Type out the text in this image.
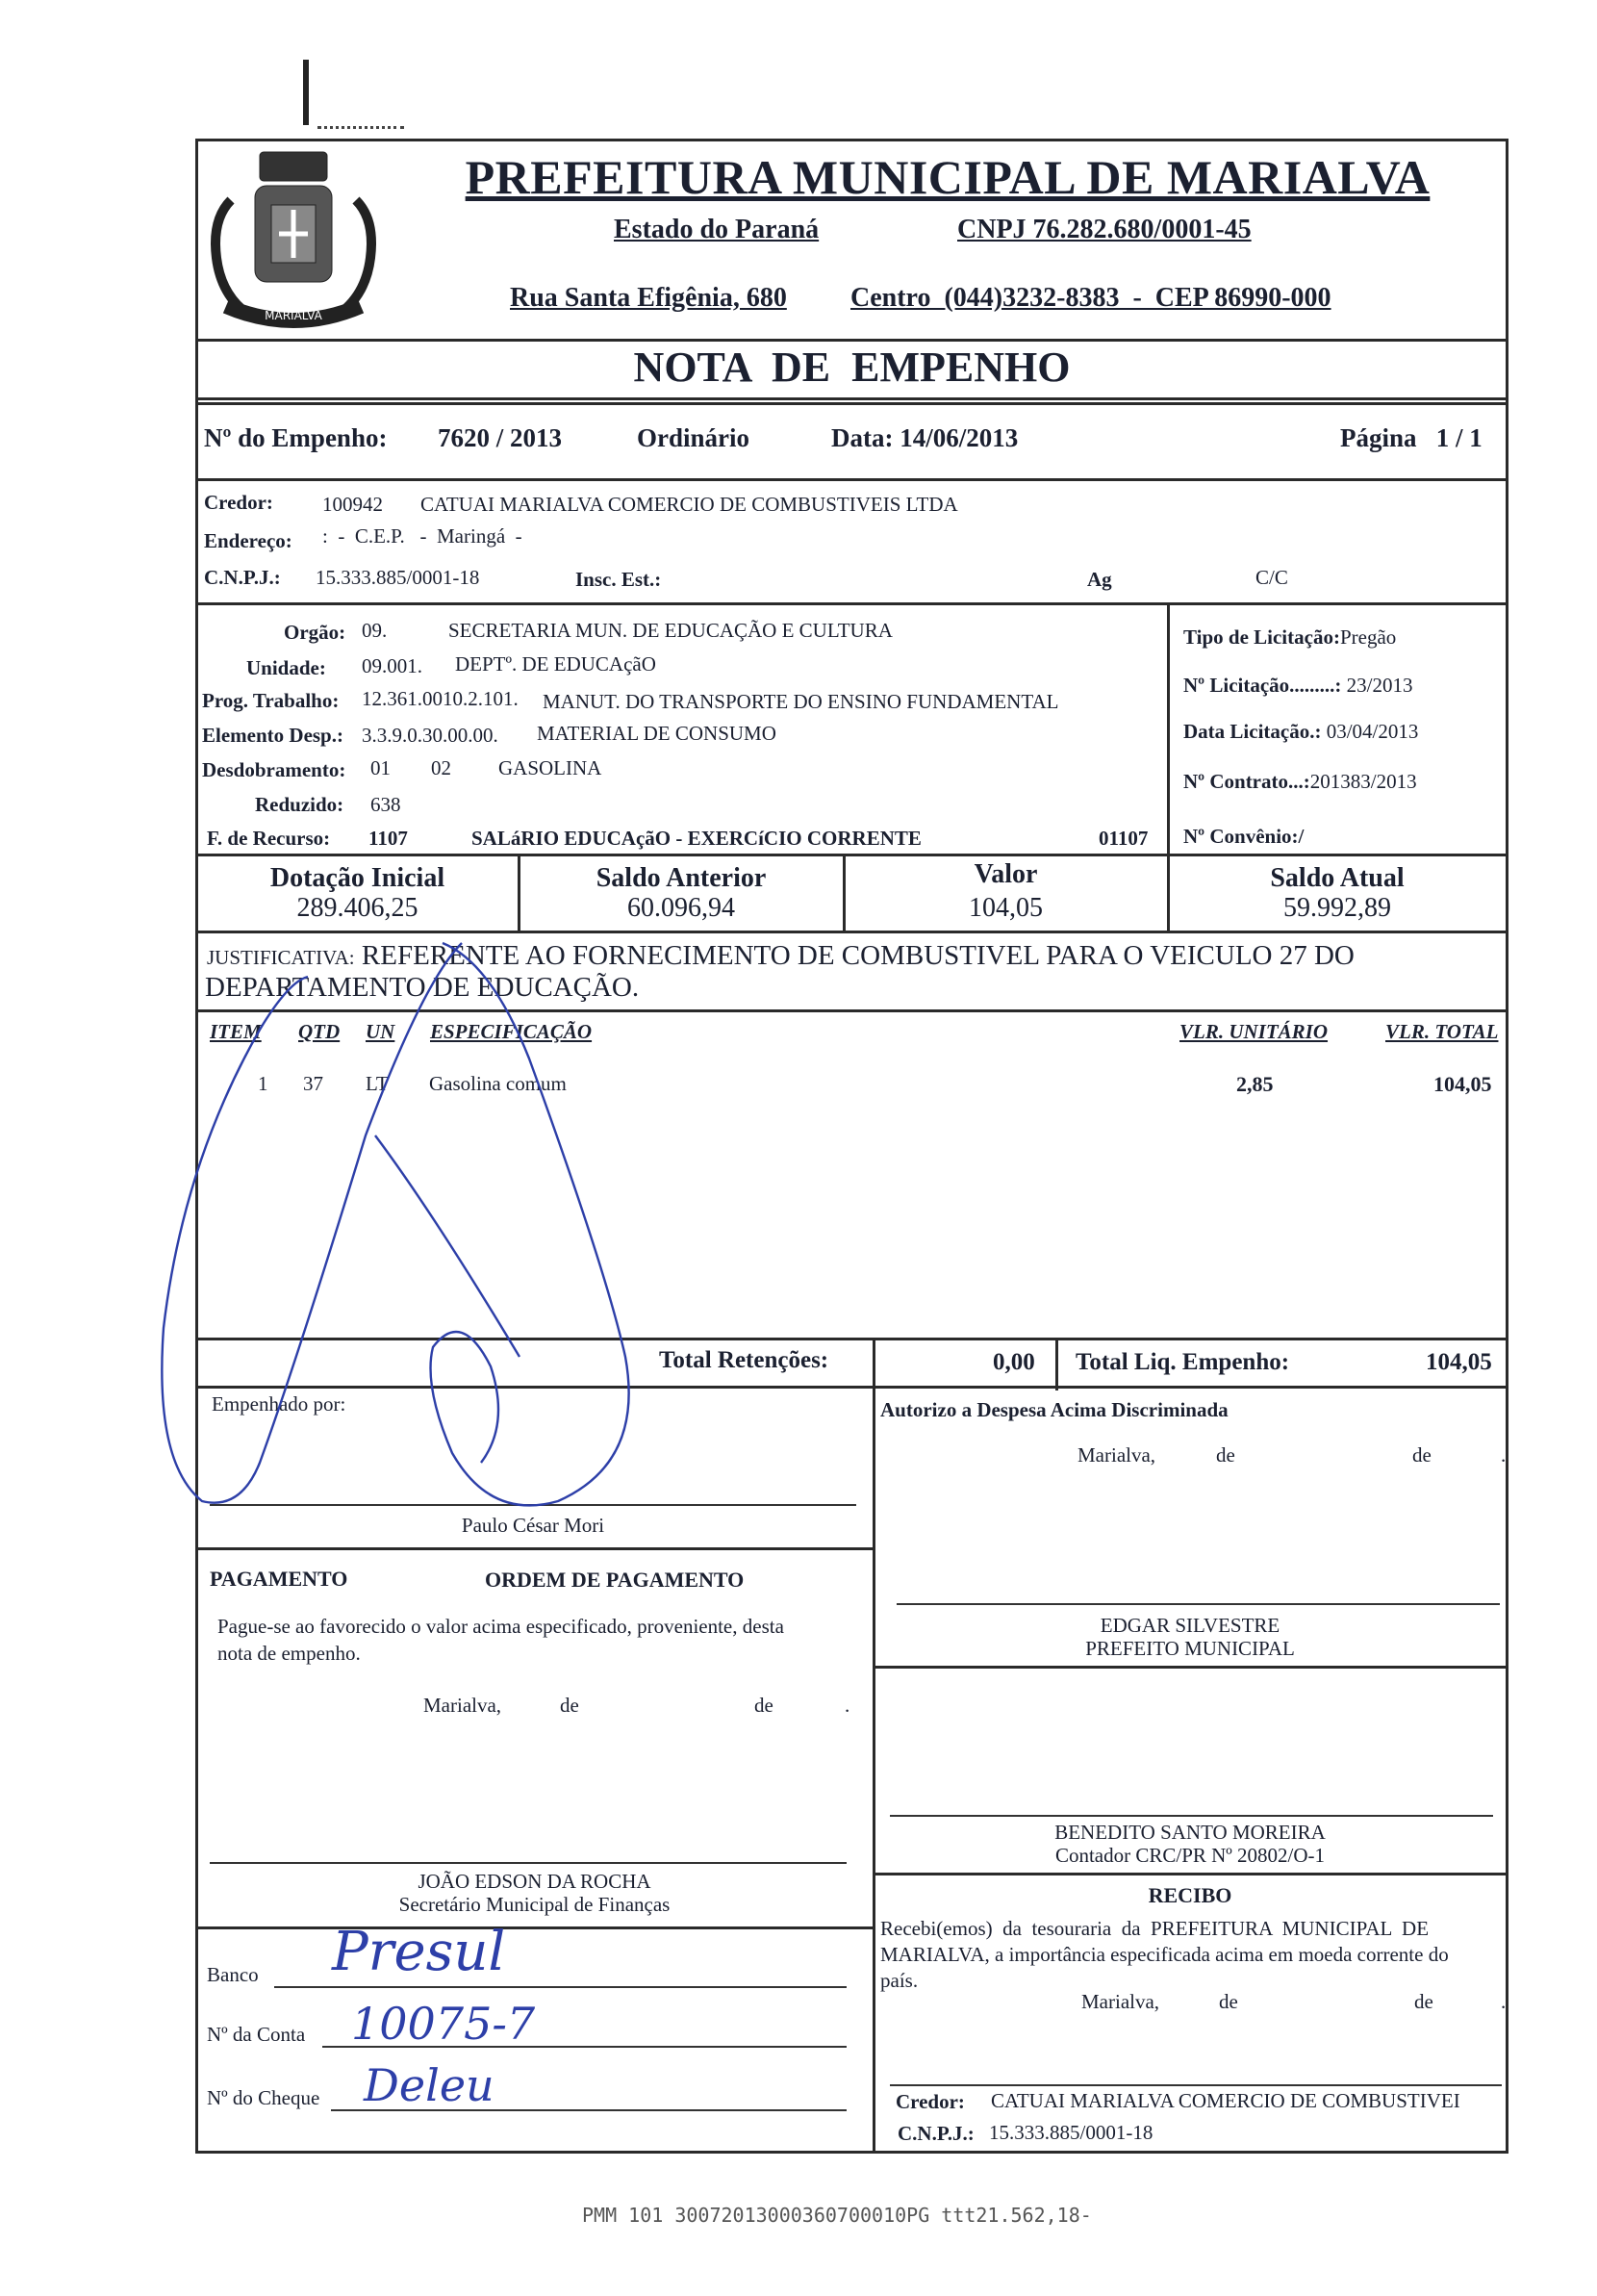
MARIALVA
PREFEITURA MUNICIPAL DE MARIALVA
Estado do Paraná	CNPJ 76.282.680/0001-45
Rua Santa Efigênia, 680 Centro  (044)3232-8383  -  CEP 86990-000
NOTA  DE  EMPENHO
Nº do Empenho: 7620 / 2013	Ordinário	Data: 14/06/2013	Página   1 / 1
Credor: 100942 CATUAI MARIALVA COMERCIO DE COMBUSTIVEIS LTDA
Endereço: :  -  C.E.P.   -  Maringá  -
C.N.P.J.: 15.333.885/0001-18	Insc. Est.:	Ag	C/C
Orgão: 09.	SECRETARIA MUN. DE EDUCAÇÃO E CULTURA
Unidade: 09.001. DEPTº. DE EDUCAçãO
Prog. Trabalho: 12.361.0010.2.101. MANUT. DO TRANSPORTE DO ENSINO FUNDAMENTAL
Elemento Desp.: 3.3.9.0.30.00.00. MATERIAL DE CONSUMO
Desdobramento: 01 02 GASOLINA
Reduzido: 638
F. de Recurso: 1107	SALáRIO EDUCAçãO - EXERCíCIO CORRENTE	01107
Tipo de Licitação:Pregão
Nº Licitação.........: 23/2013
Data Licitação.: 03/04/2013
Nº Contrato...:201383/2013
Nº Convênio:/
Dotação Inicial
289.406,25
Saldo Anterior
60.096,94
Valor
104,05
Saldo Atual
59.992,89
JUSTIFICATIVA: REFERENTE AO FORNECIMENTO DE COMBUSTIVEL PARA O VEICULO 27 DO
DEPARTAMENTO DE EDUCAÇÃO.
ITEM QTD UN ESPECIFICAÇÃO	VLR. UNITÁRIO	VLR. TOTAL
1 37 LT Gasolina comum	2,85	104,05
Total Retenções:	0,00 Total Liq. Empenho:	104,05
Empenhado por:
Paulo César Mori
Autorizo a Despesa Acima Discriminada
Marialva,	de	de	.
EDGAR SILVESTRE
PREFEITO MUNICIPAL
PAGAMENTO	ORDEM DE PAGAMENTO
Pague-se ao favorecido o valor acima especificado, proveniente, desta
nota de empenho.
Marialva,	de	de	.
BENEDITO SANTO MOREIRA
Contador CRC/PR Nº 20802/O-1
JOÃO EDSON DA ROCHA
Secretário Municipal de Finanças	RECIBO
Recebi(emos)  da  tesouraria  da  PREFEITURA  MUNICIPAL  DE
MARIALVA, a importância especificada acima em moeda corrente do
país.
Marialva,	de	de	.
Credor: CATUAI MARIALVA COMERCIO DE COMBUSTIVEI
C.N.P.J.: 15.333.885/0001-18
Banco Presul
Nº da Conta 10075-7
Nº do Cheque Deleu
PMM 101 30072013000360700010PG ttt21.562,18-
